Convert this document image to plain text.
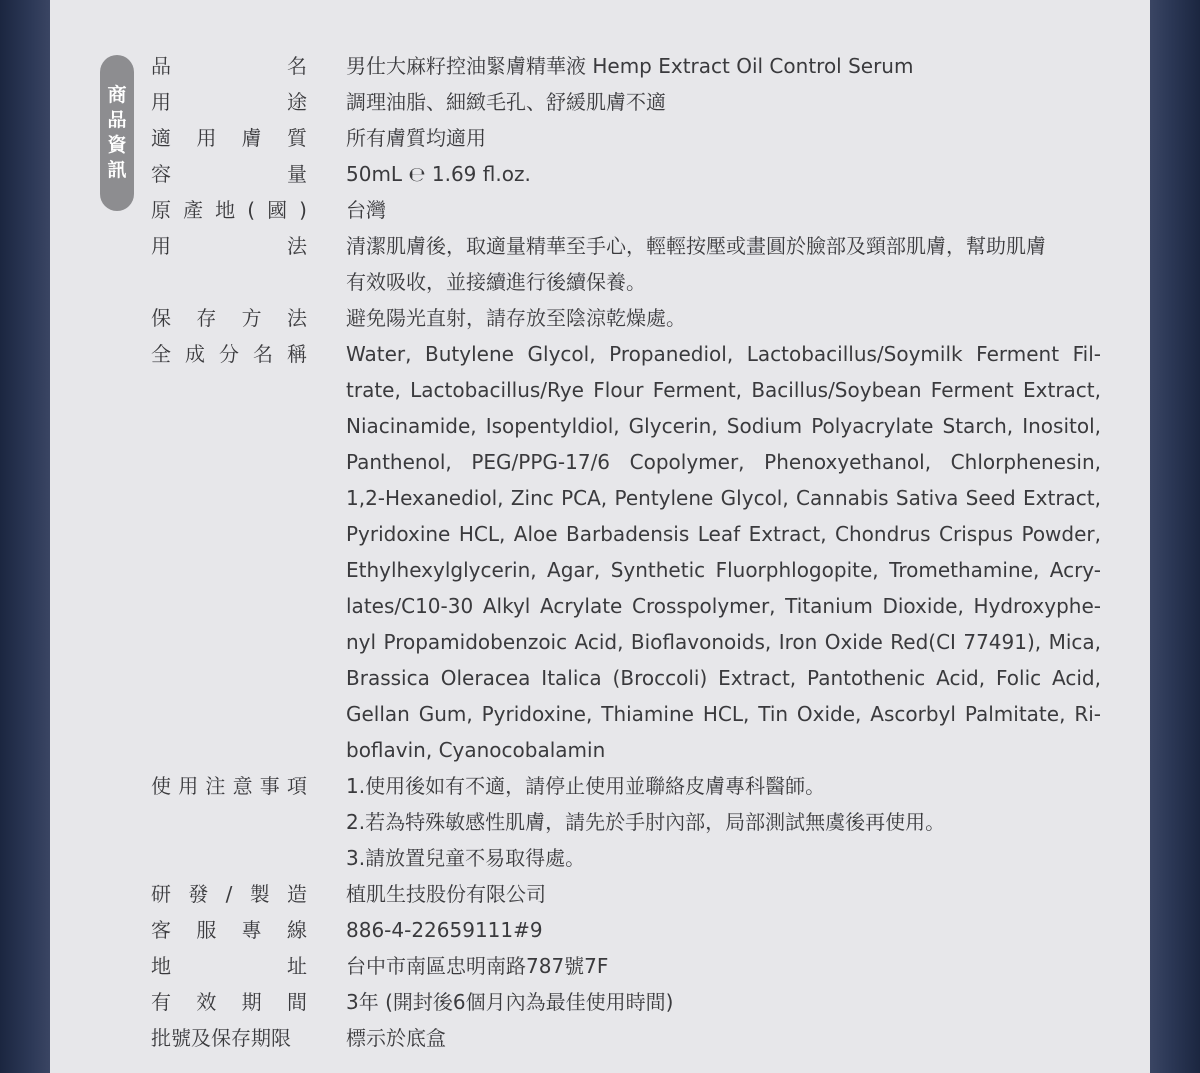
商
品
資
訊
品	名 男仕大麻籽控油緊膚精華液 Hemp Extract Oil Control Serum
用	途 調理油脂、細緻毛孔、舒緩肌膚不適
適 用 膚 質 所有膚質均適用
容	量 50mL ℮ 1.69 fl.oz.
原 產 地 ( 國 ) 台灣
用	法 清潔肌膚後，取適量精華至手心，輕輕按壓或畫圓於臉部及頸部肌膚，幫助肌膚
有效吸收，並接續進行後續保養。
保 存 方 法 避免陽光直射，請存放至陰涼乾燥處。
全 成 分 名 稱 Water, Butylene Glycol, Propanediol, Lactobacillus/Soymilk Ferment Fil-
trate, Lactobacillus/Rye Flour Ferment, Bacillus/Soybean Ferment Extract,
Niacinamide, Isopentyldiol, Glycerin, Sodium Polyacrylate Starch, Inositol,
Panthenol, PEG/PPG-17/6 Copolymer, Phenoxyethanol, Chlorphenesin,
1,2-Hexanediol, Zinc PCA, Pentylene Glycol, Cannabis Sativa Seed Extract,
Pyridoxine HCL, Aloe Barbadensis Leaf Extract, Chondrus Crispus Powder,
Ethylhexylglycerin, Agar, Synthetic Fluorphlogopite, Tromethamine, Acry-
lates/C10-30 Alkyl Acrylate Crosspolymer, Titanium Dioxide, Hydroxyphe-
nyl Propamidobenzoic Acid, Bioflavonoids, Iron Oxide Red(CI 77491), Mica,
Brassica Oleracea Italica (Broccoli) Extract, Pantothenic Acid, Folic Acid,
Gellan Gum, Pyridoxine, Thiamine HCL, Tin Oxide, Ascorbyl Palmitate, Ri-
boflavin, Cyanocobalamin
使 用 注 意 事 項 1.使用後如有不適，請停止使用並聯絡皮膚專科醫師。
2.若為特殊敏感性肌膚，請先於手肘內部，局部測試無虞後再使用。
3.請放置兒童不易取得處。
研 發 / 製 造 植肌生技股份有限公司
客 服 專 線 886-4-22659111#9
地	址 台中市南區忠明南路787號7F
有 效 期 間 3年 (開封後6個月內為最佳使用時間)
批號及保存期限	標示於底盒
